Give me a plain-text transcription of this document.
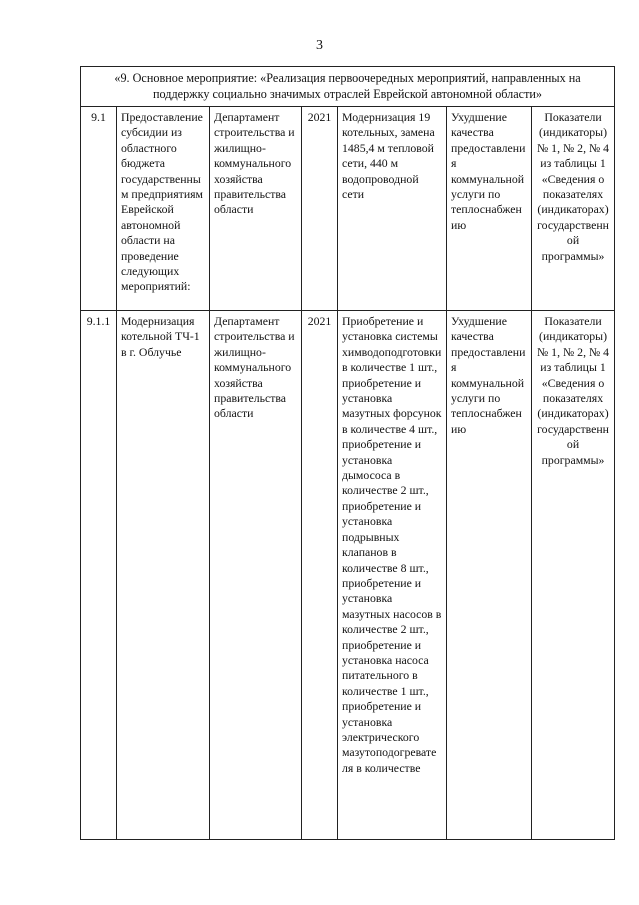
3
«9. Основное мероприятие: «Реализация первоочередных мероприятий, направленных на поддержку социально значимых отраслей Еврейской автономной области»						
9.1	Предоставление субсидии из областного бюджета государственным предприятиям Еврейской автономной области на проведение следующих мероприятий:	Департамент строительства и жилищно-коммунального хозяйства правительства области	2021	Модернизация 19 котельных, замена 1485,4 м тепловой сети, 440 м водопроводной сети	Ухудшение качества предоставления коммунальной услуги по теплоснабжению	Показатели (индикаторы) № 1, № 2, № 4 из таблицы 1 «Сведения о показателях (индикаторах) государственной программы»
9.1.1	Модернизация котельной ТЧ-1 в г. Облучье	Департамент строительства и жилищно-коммунального хозяйства правительства области	2021	Приобретение и установка системы химводоподготовки в количестве 1 шт., приобретение и установка мазутных форсунок в количестве 4 шт., приобретение и установка дымососа в количестве 2 шт., приобретение и установка подрывных клапанов в количестве 8 шт., приобретение и установка мазутных насосов в количестве 2 шт., приобретение и установка насоса питательного в количестве 1 шт., приобретение и установка электрического мазутоподогревателя в количестве	Ухудшение качества предоставления коммунальной услуги по теплоснабжению	Показатели (индикаторы) № 1, № 2, № 4 из таблицы 1 «Сведения о показателях (индикаторах) государственной программы»
